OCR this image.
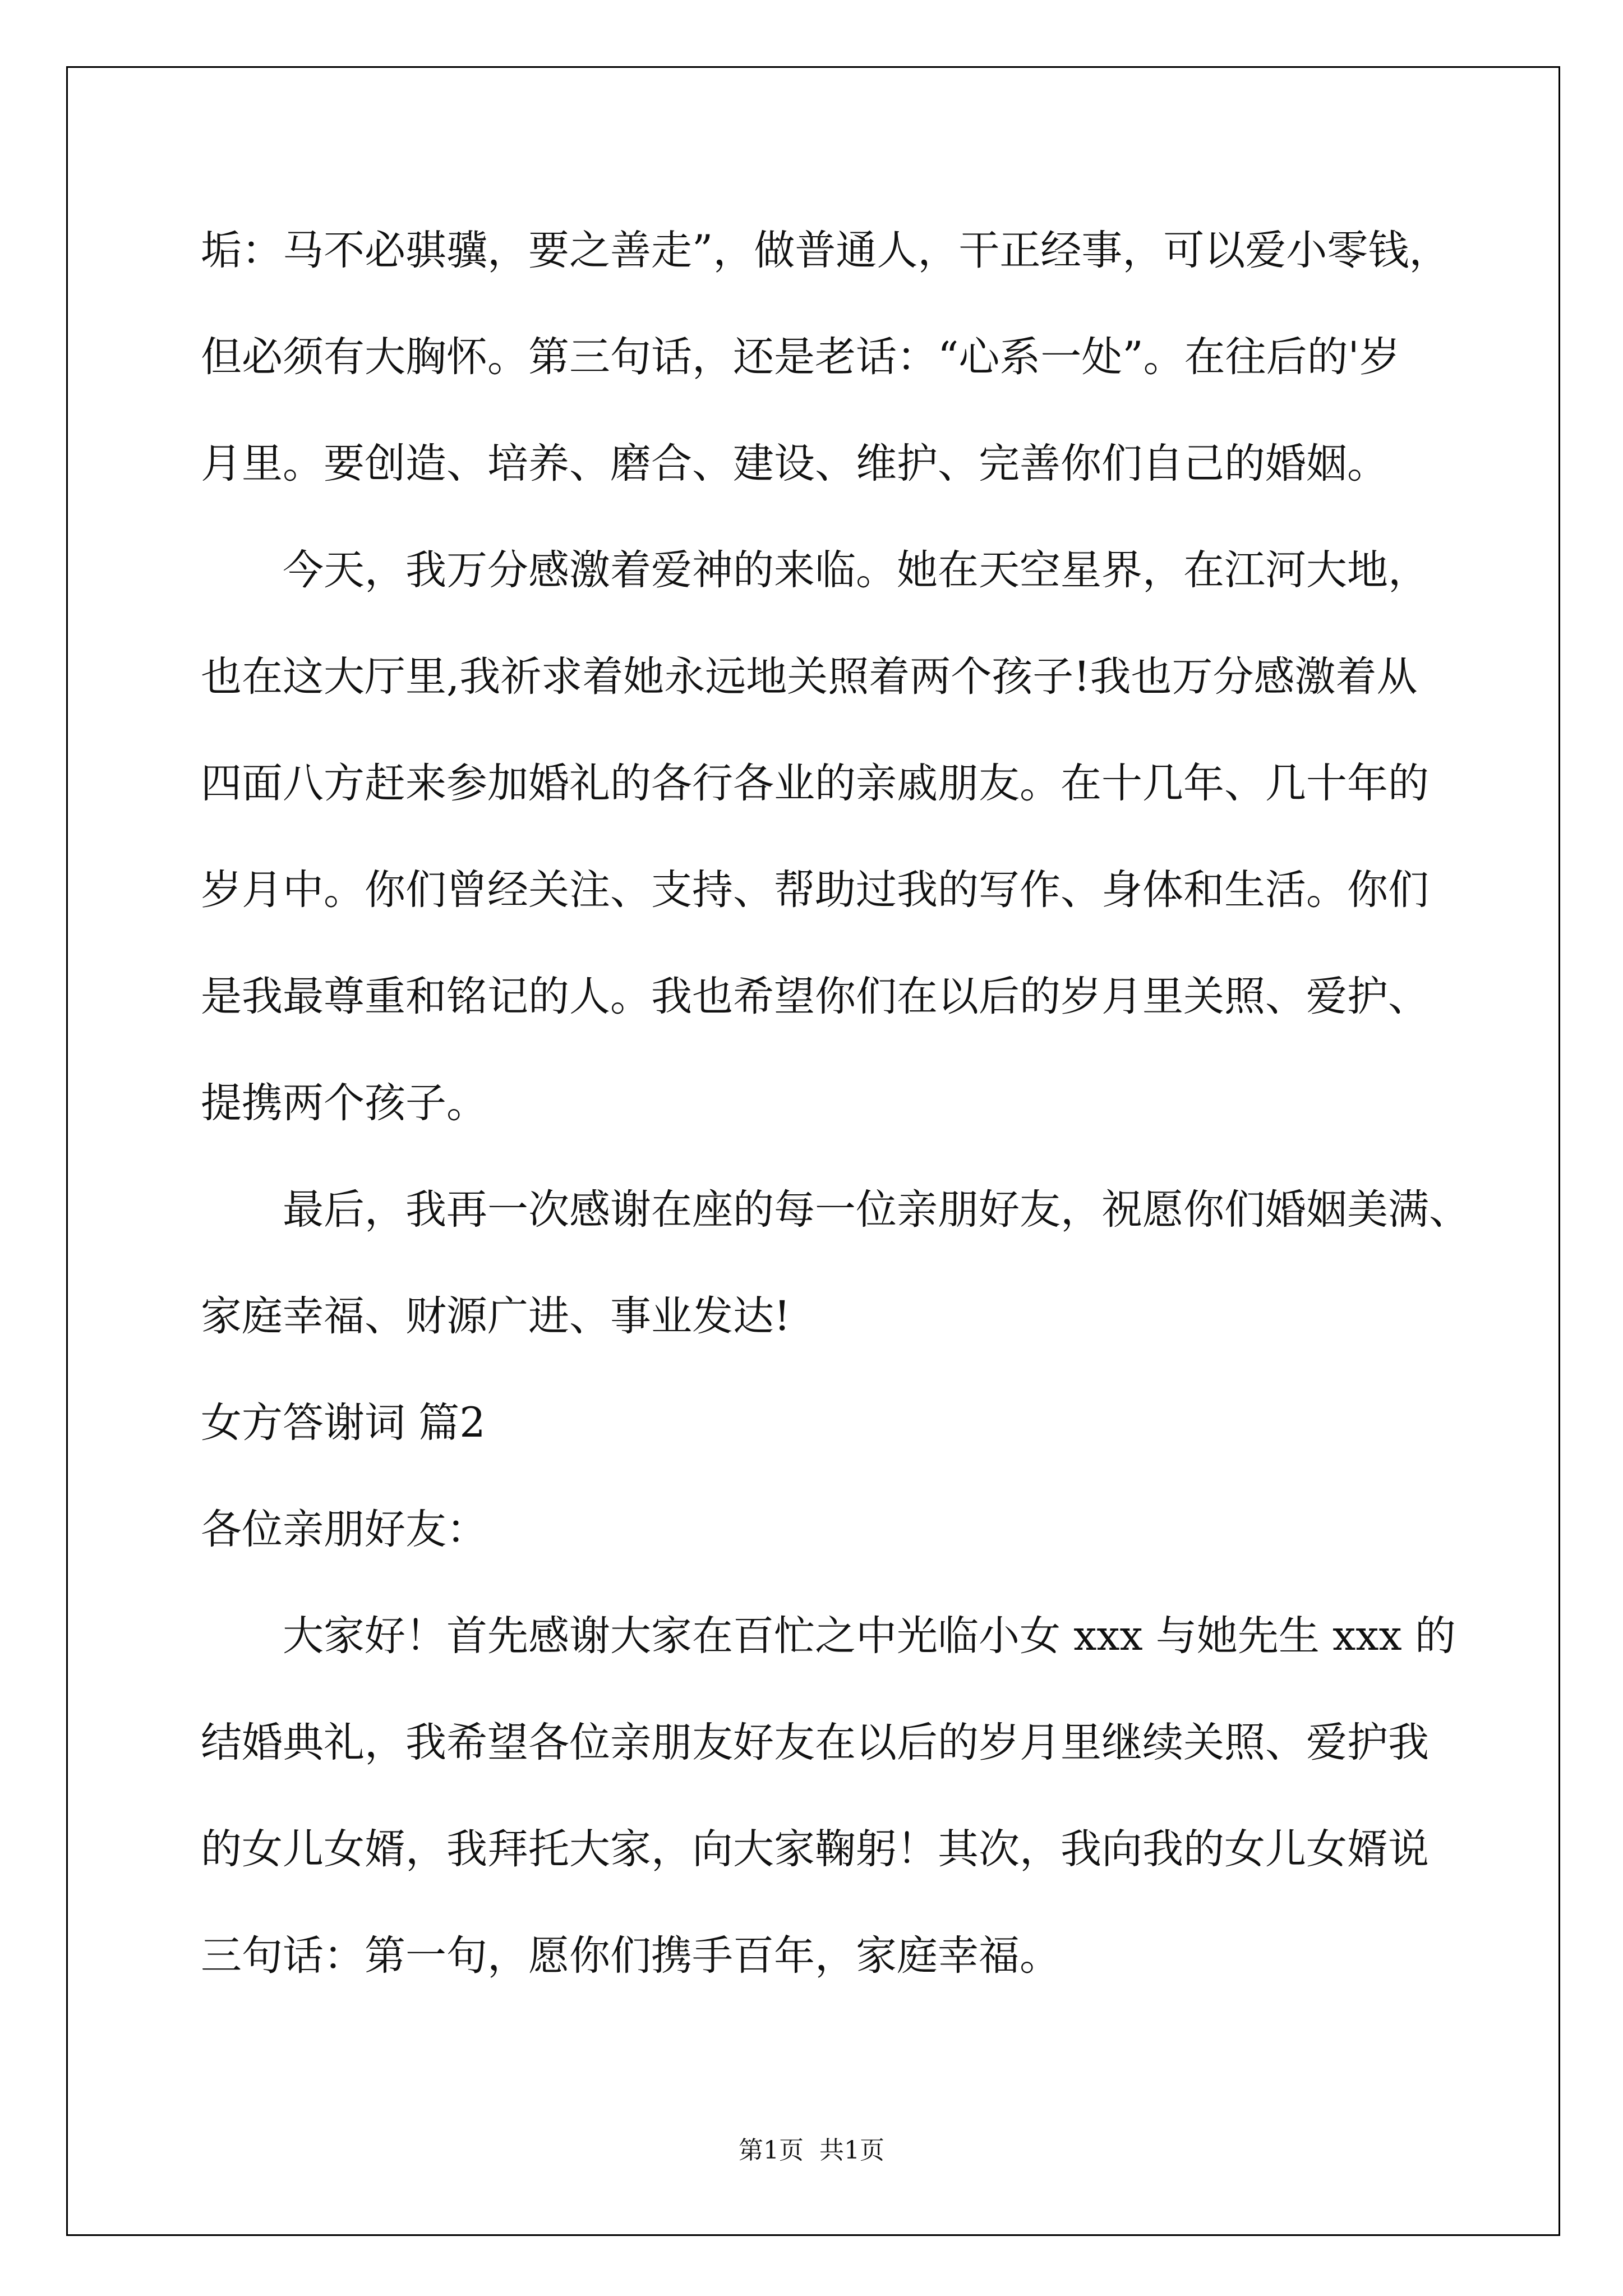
垢：马不必骐骥，要之善走”，做普通人，干正经事，可以爱小零钱，
但必须有大胸怀。第三句话，还是老话：“心系一处”。在往后的'岁
月里。要创造、培养、磨合、建设、维护、完善你们自己的婚姻。
今天，我万分感激着爱神的来临。她在天空星界，在江河大地，
也在这大厅里,我祈求着她永远地关照着两个孩子!我也万分感激着从
四面八方赶来参加婚礼的各行各业的亲戚朋友。在十几年、几十年的
岁月中。你们曾经关注、支持、帮助过我的写作、身体和生活。你们
是我最尊重和铭记的人。我也希望你们在以后的岁月里关照、爱护、
提携两个孩子。
最后，我再一次感谢在座的每一位亲朋好友，祝愿你们婚姻美满、
家庭幸福、财源广进、事业发达!
女方答谢词 篇2
各位亲朋好友：
大家好！首先感谢大家在百忙之中光临小女 xxx 与她先生 xxx 的
结婚典礼，我希望各位亲朋友好友在以后的岁月里继续关照、爱护我
的女儿女婿，我拜托大家，向大家鞠躬！其次，我向我的女儿女婿说
三句话：第一句，愿你们携手百年，家庭幸福。
第1页  共1页
